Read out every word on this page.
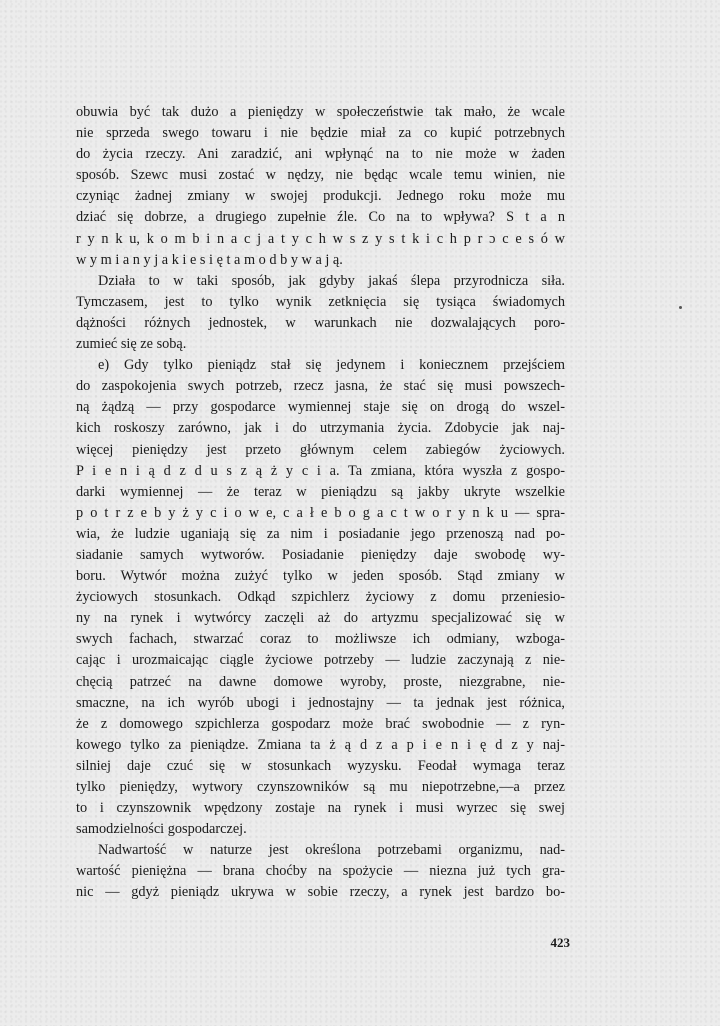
obuwia być tak dużo a pieniędzy w społeczeństwie tak mało, że wcale
nie sprzeda swego towaru i nie będzie miał za co kupić potrzebnych
do życia rzeczy. Ani zaradzić, ani wpłynąć na to nie może w żaden
sposób. Szewc musi zostać w nędzy, nie będąc wcale temu winien, nie
czyniąc żadnej zmiany w swojej produkcji. Jednego roku może mu
dziać się dobrze, a drugiego zupełnie źle. Co na to wpływa? S t a n
r y n k u, k o m b i n a c j a t y c h w s z y s t k i c h p r ɔ c e s ó w
w y m i a n y j a k i e s i ę t a m o d b y w a j ą.
Działa to w taki sposób, jak gdyby jakaś ślepa przyrodnicza siła.
Tymczasem, jest to tylko wynik zetknięcia się tysiąca świadomych
dążności różnych jednostek, w warunkach nie dozwalających poro-
zumieć się ze sobą.
e) Gdy tylko pieniądz stał się jedynem i koniecznem przejściem
do zaspokojenia swych potrzeb, rzecz jasna, że stać się musi powszech-
ną żądzą — przy gospodarce wymiennej staje się on drogą do wszel-
kich roskoszy zarówno, jak i do utrzymania życia. Zdobycie jak naj-
więcej pieniędzy jest przeto głównym celem zabiegów życiowych.
P i e n i ą d z d u s z ą ż y c i a. Ta zmiana, która wyszła z gospo-
darki wymiennej — że teraz w pieniądzu są jakby ukryte wszelkie
p o t r z e b y ż y c i o w e, c a ł e b o g a c t w o r y n k u — spra-
wia, że ludzie uganiają się za nim i posiadanie jego przenoszą nad po-
siadanie samych wytworów. Posiadanie pieniędzy daje swobodę wy-
boru. Wytwór można zużyć tylko w jeden sposób. Stąd zmiany w
życiowych stosunkach. Odkąd szpichlerz życiowy z domu przeniesio-
ny na rynek i wytwórcy zaczęli aż do artyzmu specjalizować się w
swych fachach, stwarzać coraz to możliwsze ich odmiany, wzboga-
cając i urozmaicając ciągle życiowe potrzeby — ludzie zaczynają z nie-
chęcią patrzeć na dawne domowe wyroby, proste, niezgrabne, nie-
smaczne, na ich wyrób ubogi i jednostajny — ta jednak jest różnica,
że z domowego szpichlerza gospodarz może brać swobodnie — z ryn-
kowego tylko za pieniądze. Zmiana ta ż ą d z a p i e n i ę d z y naj-
silniej daje czuć się w stosunkach wyzysku. Feodał wymaga teraz
tylko pieniędzy, wytwory czynszowników są mu niepotrzebne,—a przez
to i czynszownik wpędzony zostaje na rynek i musi wyrzec się swej
samodzielności gospodarczej.
Nadwartość w naturze jest określona potrzebami organizmu, nad-
wartość pieniężna — brana choćby na spożycie — niezna już tych gra-
nic — gdyż pieniądz ukrywa w sobie rzeczy, a rynek jest bardzo bo-
423
